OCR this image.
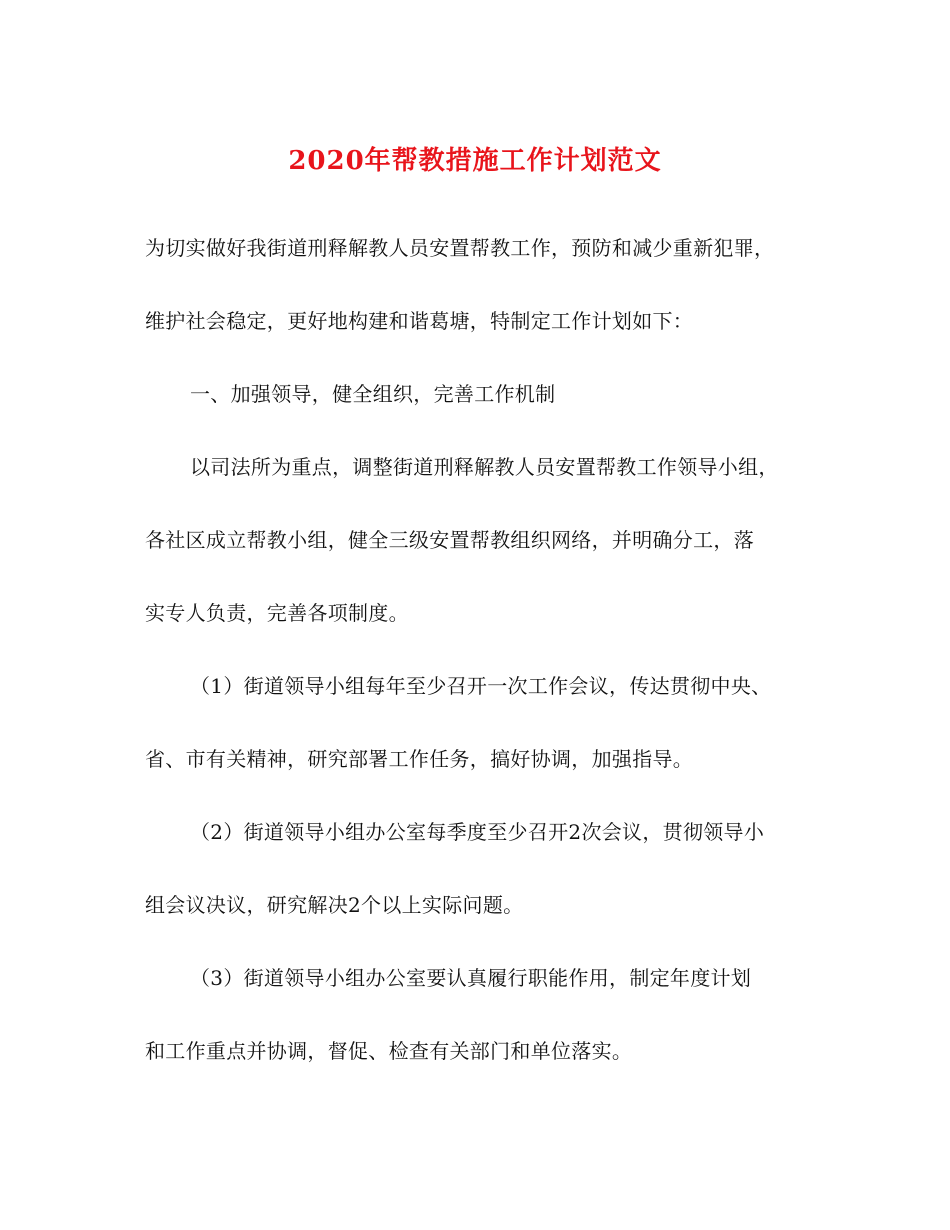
2020年帮教措施工作计划范文
为切实做好我街道刑释解教人员安置帮教工作，预防和减少重新犯罪，
维护社会稳定，更好地构建和谐葛塘，特制定工作计划如下：
一、加强领导，健全组织，完善工作机制
以司法所为重点，调整街道刑释解教人员安置帮教工作领导小组，
各社区成立帮教小组，健全三级安置帮教组织网络，并明确分工，落
实专人负责，完善各项制度。
（1）街道领导小组每年至少召开一次工作会议，传达贯彻中央、
省、市有关精神，研究部署工作任务，搞好协调，加强指导。
（2）街道领导小组办公室每季度至少召开2次会议，贯彻领导小
组会议决议，研究解决2个以上实际问题。
（3）街道领导小组办公室要认真履行职能作用，制定年度计划
和工作重点并协调，督促、检查有关部门和单位落实。
